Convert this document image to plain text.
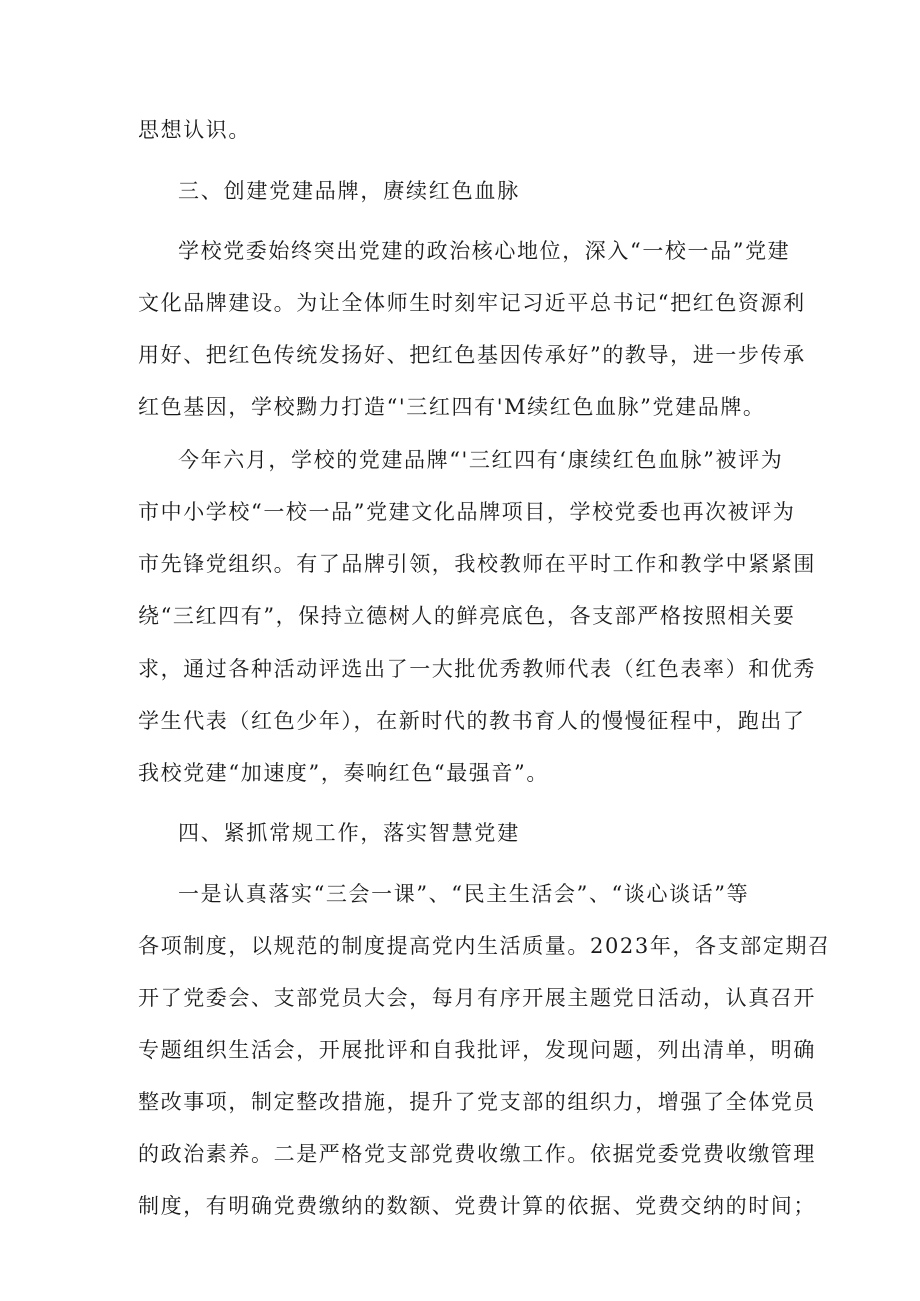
思想认识。
三、创建党建品牌，赓续红色血脉
学校党委始终突出党建的政治核心地位，深入“一校一品”党建
文化品牌建设。为让全体师生时刻牢记习近平总书记“把红色资源利
用好、把红色传统发扬好、把红色基因传承好”的教导，进一步传承
红色基因，学校黝力打造“'三红四有'M续红色血脉”党建品牌。
今年六月，学校的党建品牌“'三红四有‘康续红色血脉”被评为
市中小学校“一校一品”党建文化品牌项目，学校党委也再次被评为
市先锋党组织。有了品牌引领，我校教师在平时工作和教学中紧紧围
绕“三红四有”，保持立德树人的鲜亮底色，各支部严格按照相关要
求，通过各种活动评选出了一大批优秀教师代表（红色表率）和优秀
学生代表（红色少年），在新时代的教书育人的慢慢征程中，跑出了
我校党建“加速度”，奏响红色“最强音”。
四、紧抓常规工作，落实智慧党建
一是认真落实“三会一课”、“民主生活会”、“谈心谈话”等
各项制度，以规范的制度提高党内生活质量。2023年，各支部定期召
开了党委会、支部党员大会，每月有序开展主题党日活动，认真召开
专题组织生活会，开展批评和自我批评，发现问题，列出清单，明确
整改事项，制定整改措施，提升了党支部的组织力，增强了全体党员
的政治素养。二是严格党支部党费收缴工作。依据党委党费收缴管理
制度，有明确党费缴纳的数额、党费计算的依据、党费交纳的时间；
